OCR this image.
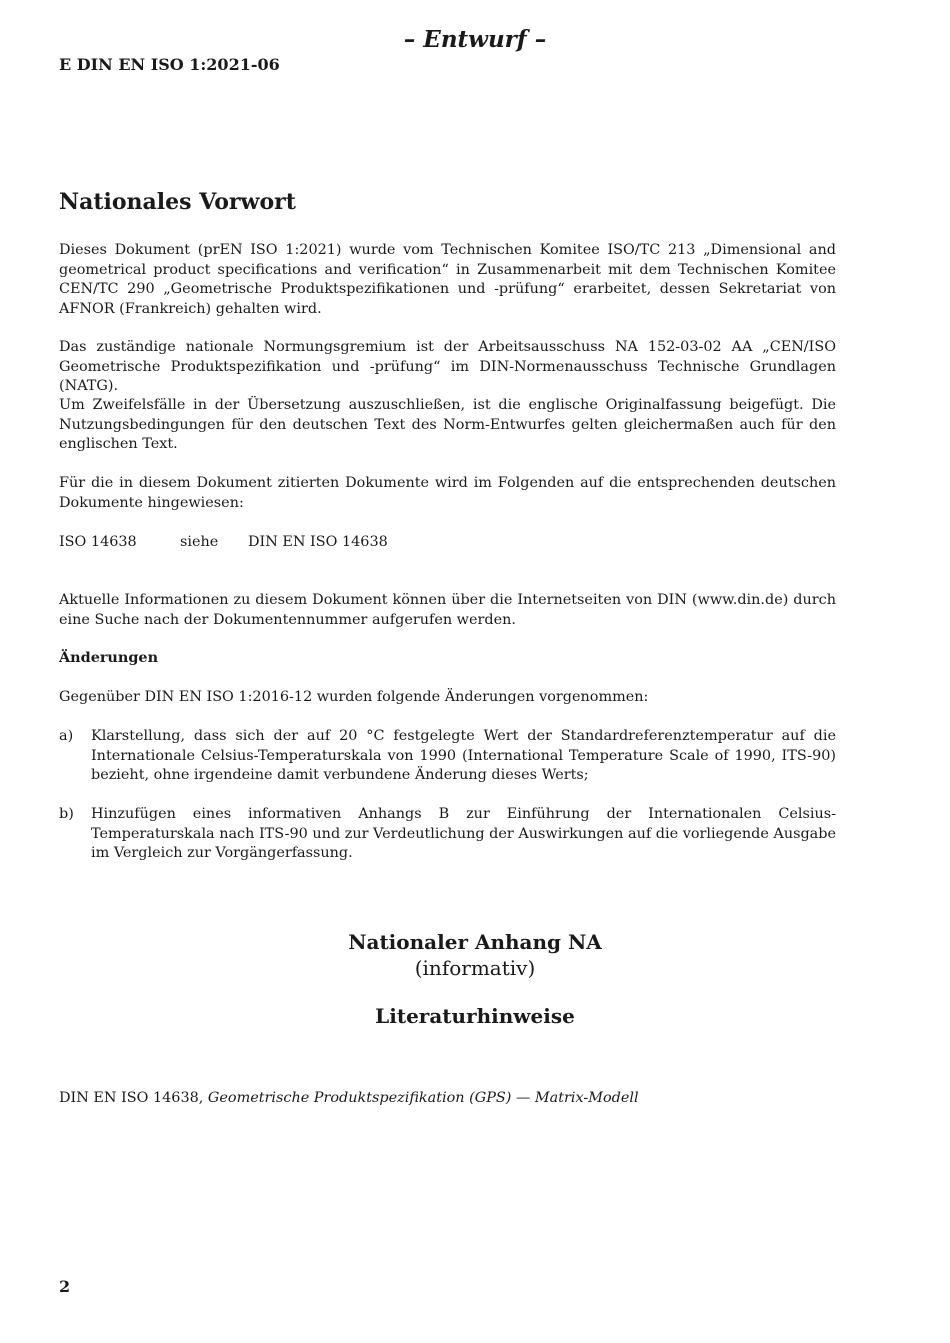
– Entwurf –
E DIN EN ISO 1:2021-06
Nationales Vorwort

Dieses Dokument (prEN ISO 1:2021) wurde vom Technischen Komitee ISO/TC 213 „Dimensional and geometrical product specifications and verification“ in Zusammenarbeit mit dem Technischen Komitee CEN/TC 290 „Geometrische Produktspezifikationen und -prüfung“ erarbeitet, dessen Sekretariat von AFNOR (Frankreich) gehalten wird.

Das zuständige nationale Normungsgremium ist der Arbeitsausschuss NA 152-03-02 AA „CEN/ISO Geometrische Produktspezifikation und -prüfung“ im DIN-Normenausschuss Technische Grundlagen (NATG).

Um Zweifelsfälle in der Übersetzung auszuschließen, ist die englische Originalfassung beigefügt. Die Nutzungsbedingungen für den deutschen Text des Norm-Entwurfes gelten gleichermaßen auch für den englischen Text.

Für die in diesem Dokument zitierten Dokumente wird im Folgenden auf die entsprechenden deutschen Dokumente hingewiesen:

ISO 14638	siehe DIN EN ISO 14638

Aktuelle Informationen zu diesem Dokument können über die Internetseiten von DIN (www.din.de) durch eine Suche nach der Dokumentennummer aufgerufen werden.

Änderungen

Gegenüber DIN EN ISO 1:2016-12 wurden folgende Änderungen vorgenommen:

a) Klarstellung, dass sich der auf 20 °C festgelegte Wert der Standardreferenztemperatur auf die Internationale Celsius-Temperaturskala von 1990 (International Temperature Scale of 1990, ITS-90) bezieht, ohne irgendeine damit verbundene Änderung dieses Werts;
b) Hinzufügen eines informativen Anhangs B zur Einführung der Internationalen Celsius-Temperaturskala nach ITS-90 und zur Verdeutlichung der Auswirkungen auf die vorliegende Ausgabe im Vergleich zur Vorgängerfassung.
Nationaler Anhang NA
(informativ)
Literaturhinweise
DIN EN ISO 14638, Geometrische Produktspezifikation (GPS) — Matrix-Modell
2
